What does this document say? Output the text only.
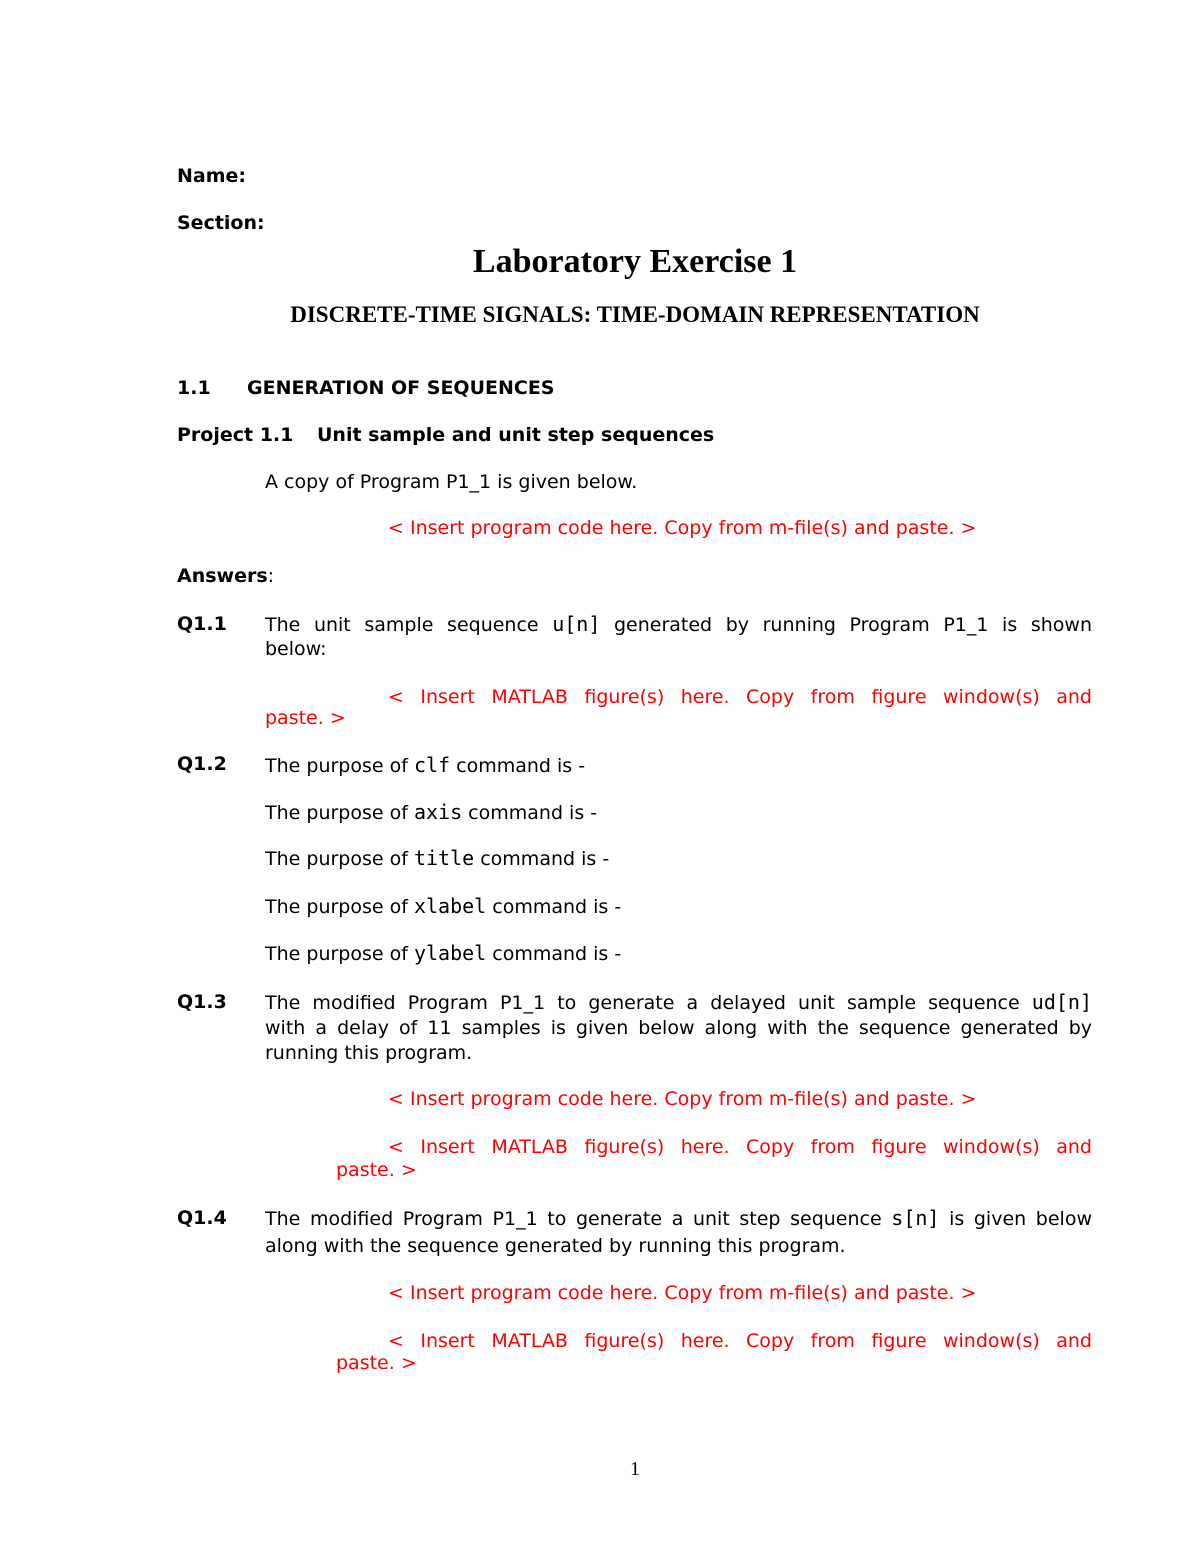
Name:
Section:
Laboratory Exercise 1
DISCRETE-TIME SIGNALS: TIME-DOMAIN REPRESENTATION
1.1 GENERATION OF SEQUENCES
Project 1.1 Unit sample and unit step sequences
A copy of Program P1_1 is given below.
< Insert program code here. Copy from m-file(s) and paste. >
Answers:
Q1.1 The unit sample sequence u[n] generated by running Program P1_1 is shown
below:
< Insert MATLAB figure(s) here. Copy from figure window(s) and
paste. >
Q1.2 The purpose of clf command is -
The purpose of axis command is -
The purpose of title command is -
The purpose of xlabel command is -
The purpose of ylabel command is -
Q1.3 The modified Program P1_1 to generate a delayed unit sample sequence ud[n]
with a delay of 11 samples is given below along with the sequence generated by
running this program.
< Insert program code here. Copy from m-file(s) and paste. >
< Insert MATLAB figure(s) here. Copy from figure window(s) and
paste. >
Q1.4 The modified Program P1_1 to generate a unit step sequence s[n] is given below
along with the sequence generated by running this program.
< Insert program code here. Copy from m-file(s) and paste. >
< Insert MATLAB figure(s) here. Copy from figure window(s) and
paste. >
1
